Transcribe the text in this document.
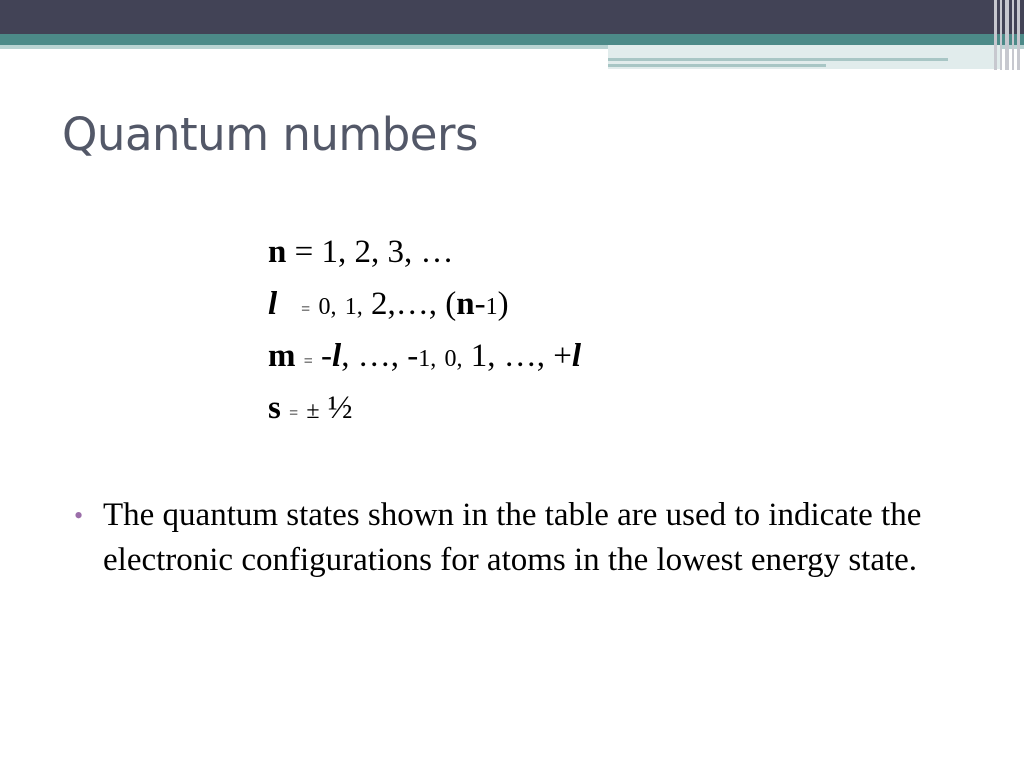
Quantum numbers
n = 1, 2, 3, …
l = 0, 1, 2,…, (n-1)
m = -l, …, -1, 0, 1, …, +l
s = ± ½
• The quantum states shown in the table are used to indicate the electronic configurations for atoms in the lowest energy state.
